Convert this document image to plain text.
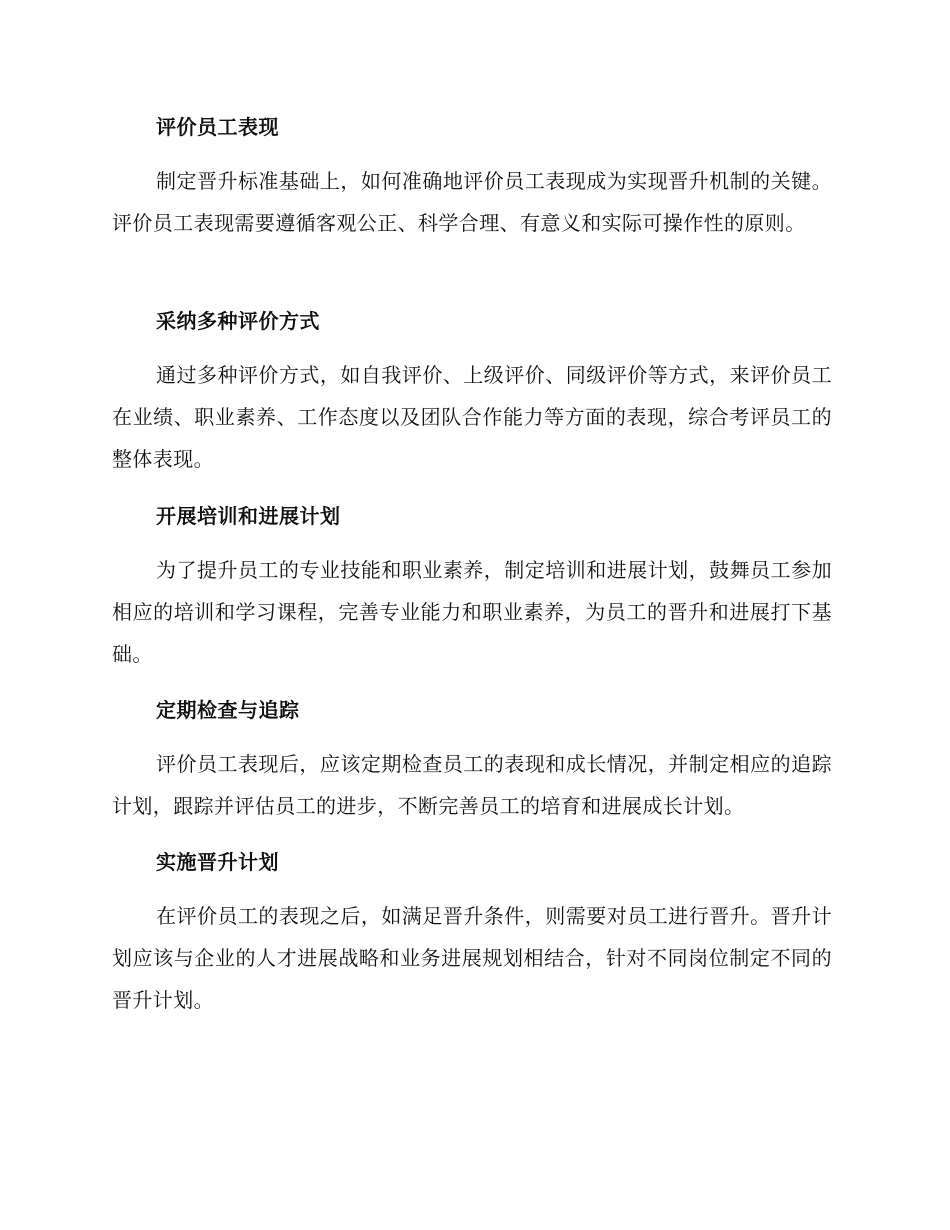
评价员工表现

制定晋升标准基础上，如何准确地评价员工表现成为实现晋升机制的关键。评价员工表现需要遵循客观公正、科学合理、有意义和实际可操作性的原则。

采纳多种评价方式

通过多种评价方式，如自我评价、上级评价、同级评价等方式，来评价员工在业绩、职业素养、工作态度以及团队合作能力等方面的表现，综合考评员工的整体表现。

开展培训和进展计划

为了提升员工的专业技能和职业素养，制定培训和进展计划，鼓舞员工参加相应的培训和学习课程，完善专业能力和职业素养，为员工的晋升和进展打下基础。

定期检查与追踪

评价员工表现后，应该定期检查员工的表现和成长情况，并制定相应的追踪计划，跟踪并评估员工的进步，不断完善员工的培育和进展成长计划。

实施晋升计划

在评价员工的表现之后，如满足晋升条件，则需要对员工进行晋升。晋升计划应该与企业的人才进展战略和业务进展规划相结合，针对不同岗位制定不同的晋升计划。
